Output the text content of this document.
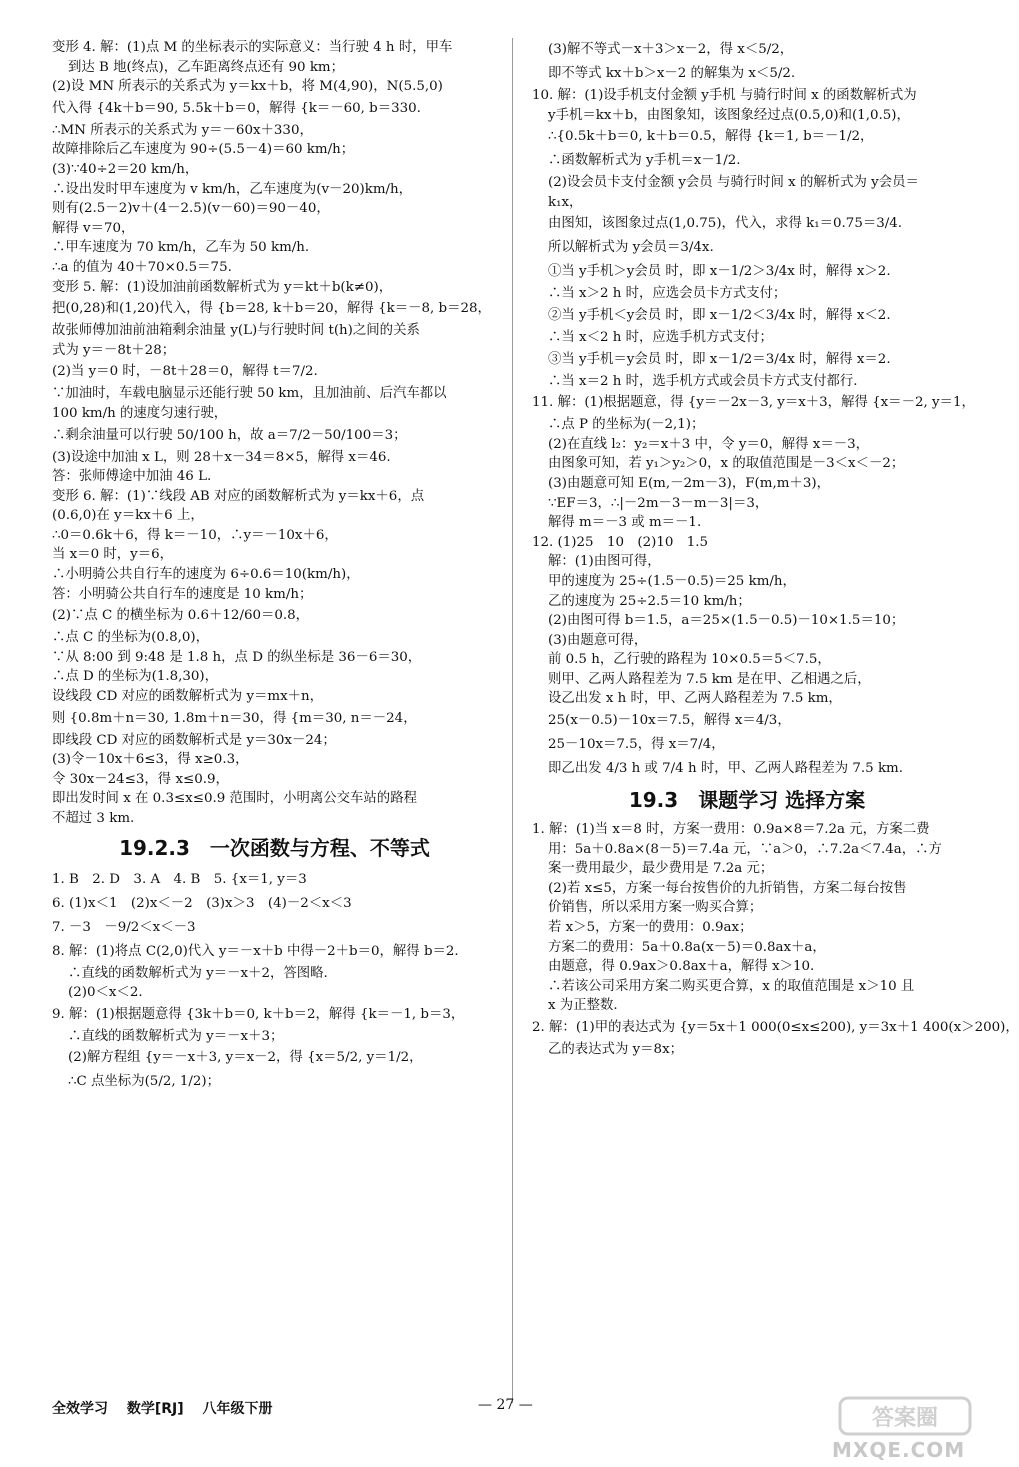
变形 4. 解：(1)点 M 的坐标表示的实际意义：当行驶 4 h 时，甲车
到达 B 地(终点)，乙车距离终点还有 90 km；
(2)设 MN 所表示的关系式为 y＝kx＋b，将 M(4,90)，N(5.5,0)
代入得 {4k＋b＝90, 5.5k＋b＝0，解得 {k＝－60, b＝330.
∴MN 所表示的关系式为 y＝－60x＋330，
故障排除后乙车速度为 90÷(5.5－4)＝60 km/h；
(3)∵40÷2＝20 km/h，
∴设出发时甲车速度为 v km/h，乙车速度为(v－20)km/h，
则有(2.5－2)v＋(4－2.5)(v－60)＝90－40，
解得 v＝70，
∴甲车速度为 70 km/h，乙车为 50 km/h.
∴a 的值为 40＋70×0.5＝75.
变形 5. 解：(1)设加油前函数解析式为 y＝kt＋b(k≠0)，
把(0,28)和(1,20)代入，得 {b＝28, k＋b＝20，解得 {k＝－8, b＝28，
故张师傅加油前油箱剩余油量 y(L)与行驶时间 t(h)之间的关系
式为 y＝－8t＋28；
(2)当 y＝0 时，－8t＋28＝0，解得 t＝7/2.
∵加油时，车载电脑显示还能行驶 50 km，且加油前、后汽车都以
100 km/h 的速度匀速行驶，
∴剩余油量可以行驶 50/100 h，故 a＝7/2－50/100＝3；
(3)设途中加油 x L，则 28＋x－34＝8×5，解得 x＝46.
答：张师傅途中加油 46 L.
变形 6. 解：(1)∵线段 AB 对应的函数解析式为 y＝kx＋6，点
(0.6,0)在 y＝kx＋6 上，
∴0＝0.6k＋6，得 k＝－10，∴y＝－10x＋6，
当 x＝0 时，y＝6，
∴小明骑公共自行车的速度为 6÷0.6＝10(km/h)，
答：小明骑公共自行车的速度是 10 km/h；
(2)∵点 C 的横坐标为 0.6＋12/60＝0.8，
∴点 C 的坐标为(0.8,0)，
∵从 8:00 到 9:48 是 1.8 h，点 D 的纵坐标是 36－6＝30，
∴点 D 的坐标为(1.8,30)，
设线段 CD 对应的函数解析式为 y＝mx＋n，
则 {0.8m＋n＝30, 1.8m＋n＝30，得 {m＝30, n＝－24，
即线段 CD 对应的函数解析式是 y＝30x－24；
(3)令－10x＋6≤3，得 x≥0.3，
令 30x－24≤3，得 x≤0.9，
即出发时间 x 在 0.3≤x≤0.9 范围时，小明离公交车站的路程
不超过 3 km.
19.2.3　一次函数与方程、不等式
1. B　2. D　3. A　4. B　5. {x＝1, y＝3
6. (1)x＜1　(2)x＜－2　(3)x＞3　(4)－2＜x＜3
7. －3　－9/2＜x＜－3
8. 解：(1)将点 C(2,0)代入 y＝－x＋b 中得－2＋b＝0，解得 b＝2.
∴直线的函数解析式为 y＝－x＋2，答图略.
(2)0＜x＜2.
9. 解：(1)根据题意得 {3k＋b＝0, k＋b＝2，解得 {k＝－1, b＝3，
∴直线的函数解析式为 y＝－x＋3；
(2)解方程组 {y＝－x＋3, y＝x－2，得 {x＝5/2, y＝1/2，
∴C 点坐标为(5/2, 1/2)；
(3)解不等式－x＋3＞x－2，得 x＜5/2，
即不等式 kx＋b＞x－2 的解集为 x＜5/2.
10. 解：(1)设手机支付金额 y手机 与骑行时间 x 的函数解析式为
y手机＝kx＋b，由图象知，该图象经过点(0.5,0)和(1,0.5)，
∴{0.5k＋b＝0, k＋b＝0.5，解得 {k＝1, b＝－1/2，
∴函数解析式为 y手机＝x－1/2.
(2)设会员卡支付金额 y会员 与骑行时间 x 的解析式为 y会员＝
k₁x，
由图知，该图象过点(1,0.75)，代入，求得 k₁＝0.75＝3/4.
所以解析式为 y会员＝3/4x.
①当 y手机＞y会员 时，即 x－1/2＞3/4x 时，解得 x＞2.
∴当 x＞2 h 时，应选会员卡方式支付；
②当 y手机＜y会员 时，即 x－1/2＜3/4x 时，解得 x＜2.
∴当 x＜2 h 时，应选手机方式支付；
③当 y手机＝y会员 时，即 x－1/2＝3/4x 时，解得 x＝2.
∴当 x＝2 h 时，选手机方式或会员卡方式支付都行.
11. 解：(1)根据题意，得 {y＝－2x－3, y＝x＋3，解得 {x＝－2, y＝1，
∴点 P 的坐标为(－2,1)；
(2)在直线 l₂：y₂＝x＋3 中，令 y＝0，解得 x＝－3，
由图象可知，若 y₁＞y₂＞0，x 的取值范围是－3＜x＜－2；
(3)由题意可知 E(m,－2m－3)，F(m,m＋3)，
∵EF＝3，∴|－2m－3－m－3|＝3，
解得 m＝－3 或 m＝－1.
12. (1)25　10　(2)10　1.5
解：(1)由图可得，
甲的速度为 25÷(1.5－0.5)＝25 km/h，
乙的速度为 25÷2.5＝10 km/h；
(2)由图可得 b＝1.5，a＝25×(1.5－0.5)－10×1.5＝10；
(3)由题意可得，
前 0.5 h，乙行驶的路程为 10×0.5＝5＜7.5，
则甲、乙两人路程差为 7.5 km 是在甲、乙相遇之后，
设乙出发 x h 时，甲、乙两人路程差为 7.5 km，
25(x－0.5)－10x＝7.5，解得 x＝4/3，
25－10x＝7.5，得 x＝7/4，
即乙出发 4/3 h 或 7/4 h 时，甲、乙两人路程差为 7.5 km.
19.3　课题学习 选择方案
1. 解：(1)当 x＝8 时，方案一费用：0.9a×8＝7.2a 元，方案二费
用：5a＋0.8a×(8－5)＝7.4a 元，∵a＞0，∴7.2a＜7.4a，∴方
案一费用最少，最少费用是 7.2a 元；
(2)若 x≤5，方案一每台按售价的九折销售，方案二每台按售
价销售，所以采用方案一购买合算；
若 x＞5，方案一的费用：0.9ax；
方案二的费用：5a＋0.8a(x－5)＝0.8ax＋a，
由题意，得 0.9ax＞0.8ax＋a，解得 x＞10.
∴若该公司采用方案二购买更合算，x 的取值范围是 x＞10 且
x 为正整数.
2. 解：(1)甲的表达式为 {y＝5x＋1 000(0≤x≤200), y＝3x＋1 400(x＞200)，
乙的表达式为 y＝8x；
全效学习 数学[RJ] 八年级下册	— 27 —
答案圈
MXQE.COM
